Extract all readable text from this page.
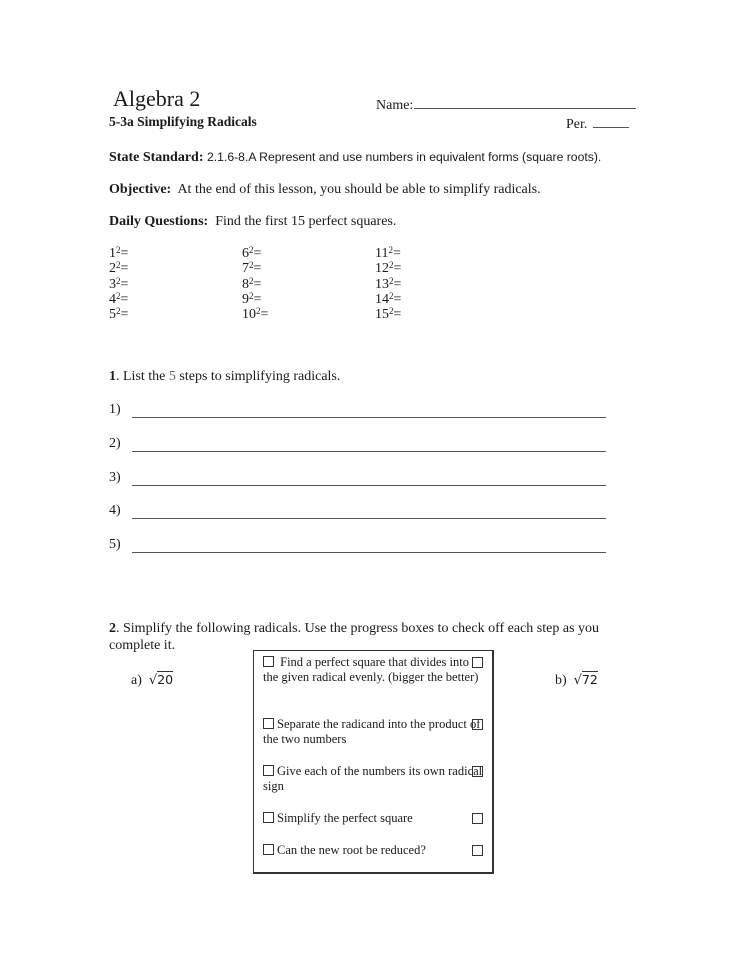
Algebra 2
5-3a Simplifying Radicals
Name:
Per.
State Standard: 2.1.6-8.A Represent and use numbers in equivalent forms (square roots).
Objective: At the end of this lesson, you should be able to simplify radicals.
Daily Questions: Find the first 15 perfect squares.
$1^2=$
$2^2=$
$3^2=$
$4^2=$
$5^2=$
$6^2=$
$7^2=$
$8^2=$
$9^2=$
$10^2=$
$11^2=$
$12^2=$
$13^2=$
$14^2=$
$15^2=$
1. List the 5 steps to simplifying radicals.
1)
2)
3)
4)
5)
2. Simplify the following radicals. Use the progress boxes to check off each step as you complete it.
a) √20	b) √72
Find a perfect square that divides into the given radical evenly. (bigger the better)
Separate the radicand into the product of the two numbers
Give each of the numbers its own radical sign
Simplify the perfect square
Can the new root be reduced?
